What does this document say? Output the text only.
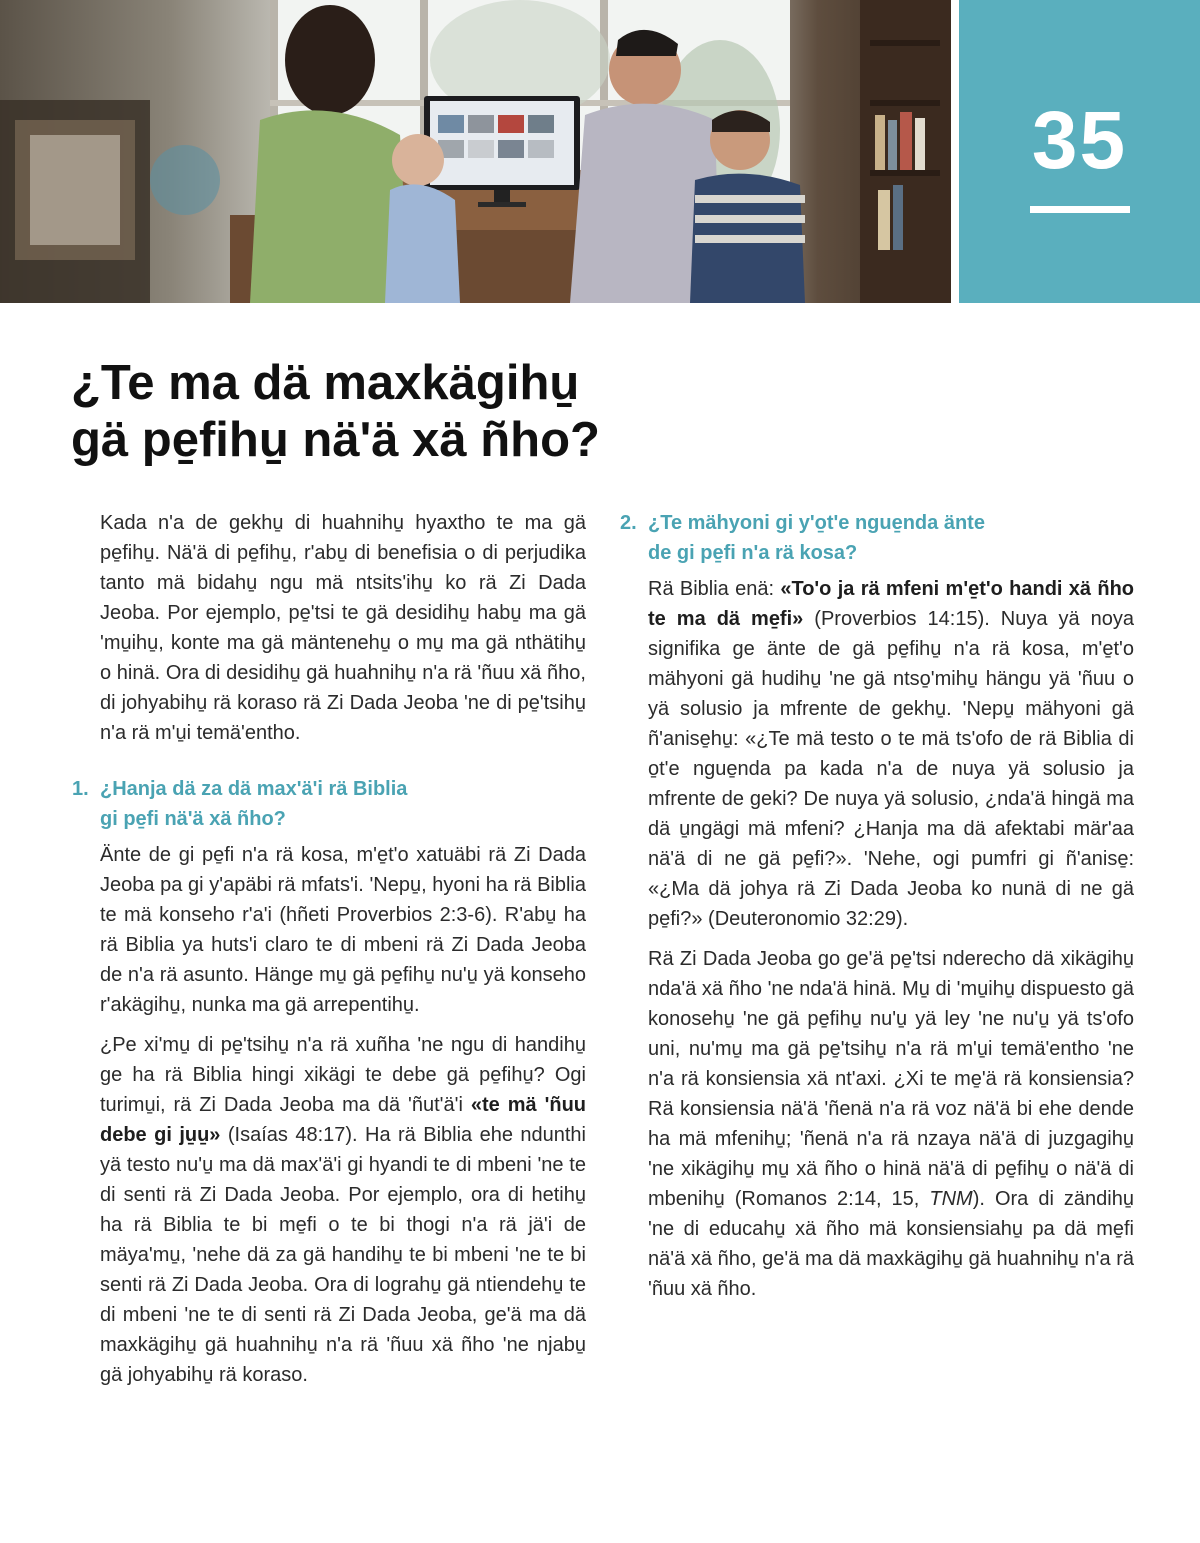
35
¿Te ma dä maxkägihu̱
gä pe̱fihu̱ nä'ä xä ñho?

Kada n'a de gekhu̱ di huahnihu̱ hyaxtho te ma gä pe̱fihu̱. Nä'ä di pe̱fihu̱, r'abu̱ di benefisia o di perjudika tanto mä bidahu̱ ngu mä ntsits'ihu̱ ko rä Zi Dada Jeoba. Por ejemplo, pe̱'tsi te gä desidihu̱ habu̱ ma gä 'mu̱ihu̱, konte ma gä mäntenehu̱ o mu̱ ma gä nthätihu̱ o hinä. Ora di desidihu̱ gä huahnihu̱ n'a rä 'ñuu xä ñho, di johyabihu̱ rä koraso rä Zi Dada Jeoba 'ne di pe̱'tsihu̱ n'a rä m'u̱i temä'entho.

1. ¿Hanja dä za dä max'ä'i rä Biblia
gi pe̱fi nä'ä xä ñho?

Änte de gi pe̱fi n'a rä kosa, m'e̱t'o xatuäbi rä Zi Dada Jeoba pa gi y'apäbi rä mfats'i. 'Nepu̱, hyoni ha rä Biblia te mä konseho r'a'i (hñeti Proverbios 2:3-6). R'abu̱ ha rä Biblia ya huts'i claro te di mbeni rä Zi Dada Jeoba de n'a rä asunto. Hänge mu̱ gä pe̱fihu̱ nu'u̱ yä konseho r'akägihu̱, nunka ma gä arrepentihu̱.

¿Pe xi'mu̱ di pe̱'tsihu̱ n'a rä xuñha 'ne ngu di handihu̱ ge ha rä Biblia hingi xikägi te debe gä pe̱fihu̱? Ogi turimu̱i, rä Zi Dada Jeoba ma dä 'ñut'ä'i «te mä 'ñuu debe gi ju̱u̱» (Isaías 48:17). Ha rä Biblia ehe ndunthi yä testo nu'u̱ ma dä max'ä'i gi hyandi te di mbeni 'ne te di senti rä Zi Dada Jeoba. Por ejemplo, ora di hetihu̱ ha rä Biblia te bi me̱fi o te bi thogi n'a rä jä'i de mäya'mu̱, 'nehe dä za gä handihu̱ te bi mbeni 'ne te bi senti rä Zi Dada Jeoba. Ora di lograhu̱ gä ntiendehu̱ te di mbeni 'ne te di senti rä Zi Dada Jeoba, ge'ä ma dä maxkägihu̱ gä huahnihu̱ n'a rä 'ñuu xä ñho 'ne njabu̱ gä johyabihu̱ rä koraso.

2. ¿Te mähyoni gi y'o̱t'e ngue̱nda änte
de gi pe̱fi n'a rä kosa?

Rä Biblia enä: «To'o ja rä mfeni m'e̱t'o handi xä ñho te ma dä me̱fi» (Proverbios 14:15). Nuya yä noya signifika ge änte de gä pe̱fihu̱ n'a rä kosa, m'e̱t'o mähyoni gä hudihu̱ 'ne gä ntso̱'mihu̱ hängu yä 'ñuu o yä solusio ja mfrente de gekhu̱. 'Nepu̱ mähyoni gä ñ'anise̱hu̱: «¿Te mä testo o te mä ts'ofo de rä Biblia di o̱t'e ngue̱nda pa kada n'a de nuya yä solusio ja mfrente de geki? De nuya yä solusio, ¿nda'ä hingä ma dä u̱ngägi mä mfeni? ¿Hanja ma dä afektabi mär'aa nä'ä di ne gä pe̱fi?». 'Nehe, ogi pumfri gi ñ'anise̱: «¿Ma dä johya rä Zi Dada Jeoba ko nunä di ne gä pe̱fi?» (Deuteronomio 32:29).

Rä Zi Dada Jeoba go ge'ä pe̱'tsi nderecho dä xikägihu̱ nda'ä xä ñho 'ne nda'ä hinä. Mu̱ di 'mu̱ihu̱ dispuesto gä konosehu̱ 'ne gä pe̱fihu̱ nu'u̱ yä ley 'ne nu'u̱ yä ts'ofo uni, nu'mu̱ ma gä pe̱'tsihu̱ n'a rä m'u̱i temä'entho 'ne n'a rä konsiensia xä nt'axi. ¿Xi te me̱'ä rä konsiensia? Rä konsiensia nä'ä 'ñenä n'a rä voz nä'ä bi ehe dende ha mä mfenihu̱; 'ñenä n'a rä nzaya nä'ä di juzgagihu̱ 'ne xikägihu̱ mu̱ xä ñho o hinä nä'ä di pe̱fihu̱ o nä'ä di mbenihu̱ (Romanos 2:14, 15, TNM). Ora di zändihu̱ 'ne di educahu̱ xä ñho mä konsiensiahu̱ pa dä me̱fi nä'ä xä ñho, ge'ä ma dä maxkägihu̱ gä huahnihu̱ n'a rä 'ñuu xä ñho.
